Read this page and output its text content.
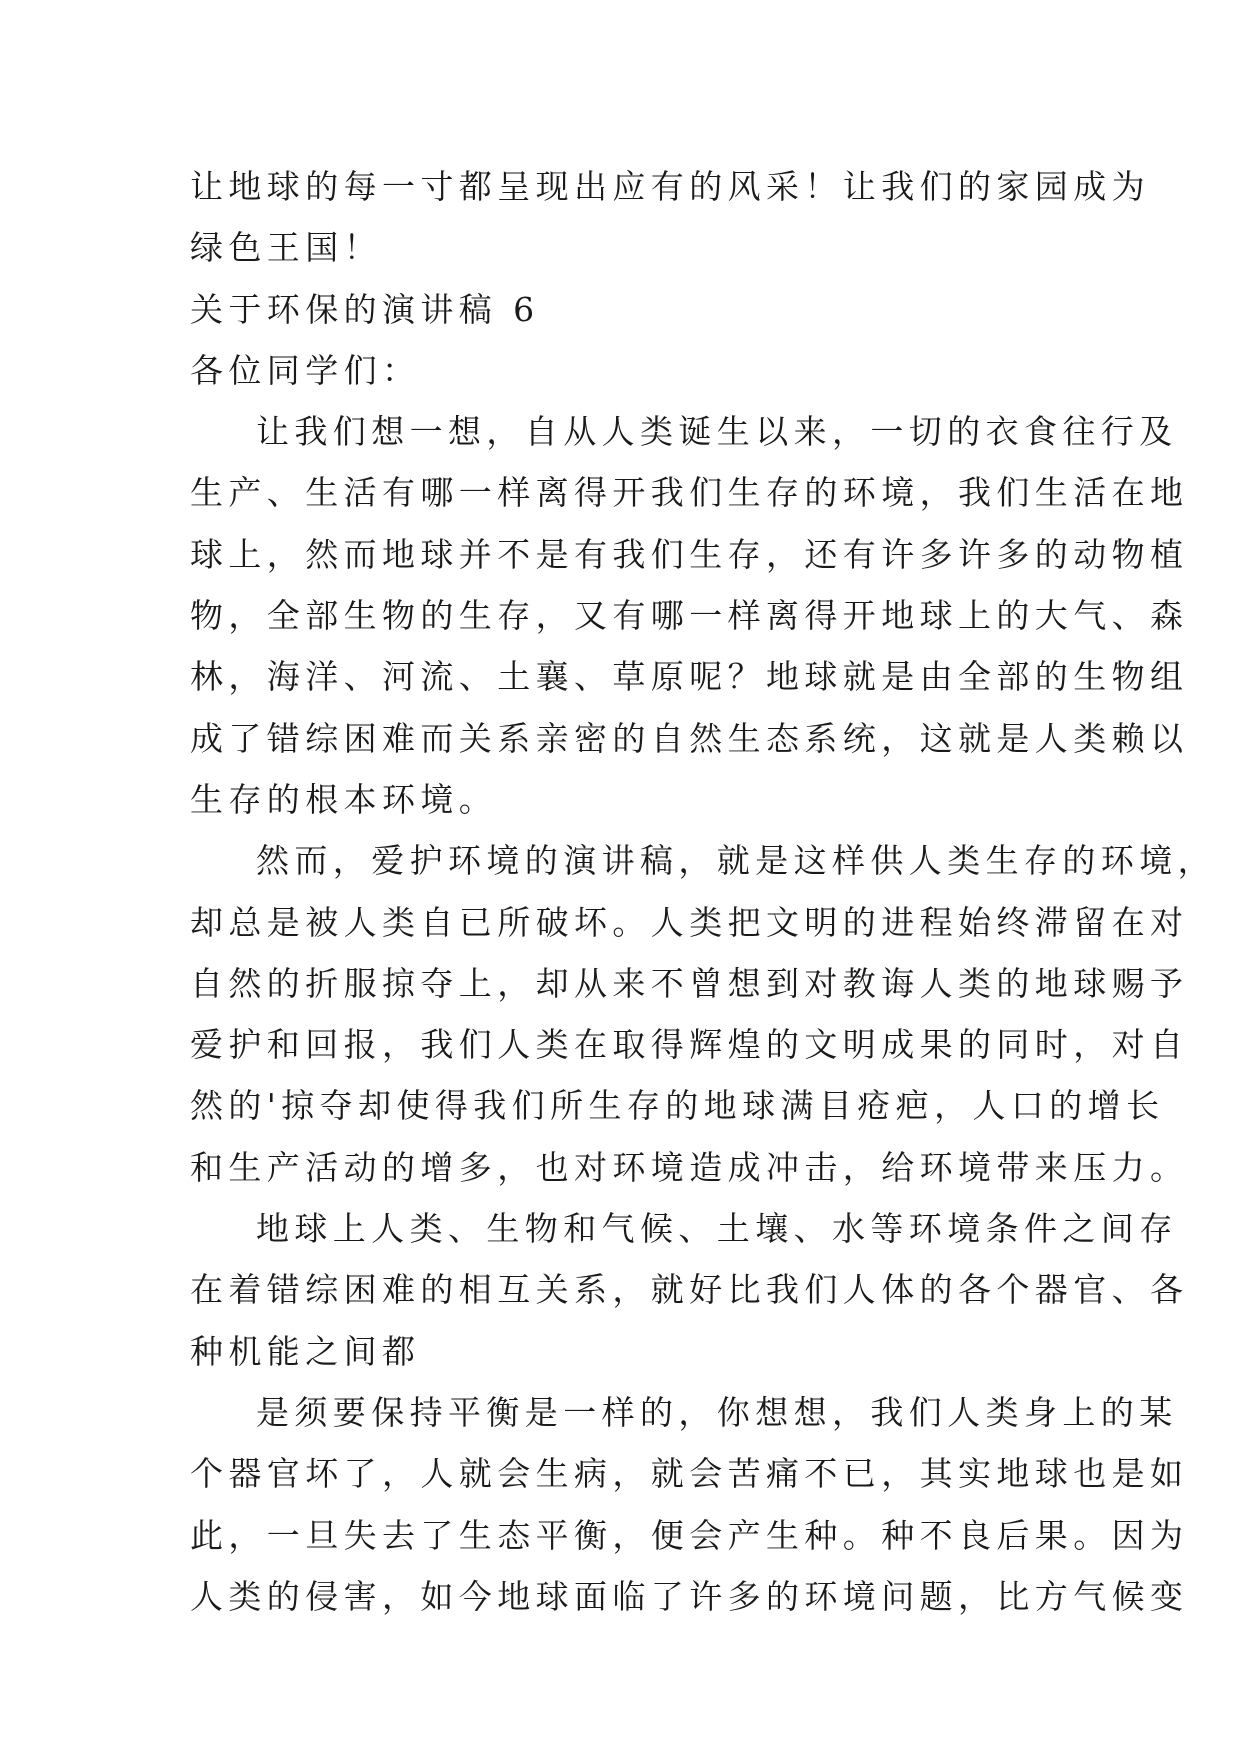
让地球的每一寸都呈现出应有的风采！让我们的家园成为
绿色王国！
关于环保的演讲稿 6
各位同学们：
让我们想一想，自从人类诞生以来，一切的衣食往行及
生产、生活有哪一样离得开我们生存的环境，我们生活在地
球上，然而地球并不是有我们生存，还有许多许多的动物植
物，全部生物的生存，又有哪一样离得开地球上的大气、森
林，海洋、河流、土襄、草原呢？地球就是由全部的生物组
成了错综困难而关系亲密的自然生态系统，这就是人类赖以
生存的根本环境。
然而，爱护环境的演讲稿，就是这样供人类生存的环境，
却总是被人类自已所破坏。人类把文明的进程始终滞留在对
自然的折服掠夺上，却从来不曾想到对教诲人类的地球赐予
爱护和回报，我们人类在取得辉煌的文明成果的同时，对自
然的'掠夺却使得我们所生存的地球满目疮疤，人口的增长
和生产活动的增多，也对环境造成冲击，给环境带来压力。
地球上人类、生物和气候、土壤、水等环境条件之间存
在着错综困难的相互关系，就好比我们人体的各个器官、各
种机能之间都
是须要保持平衡是一样的，你想想，我们人类身上的某
个器官坏了，人就会生病，就会苦痛不已，其实地球也是如
此，一旦失去了生态平衡，便会产生种。种不良后果。因为
人类的侵害，如今地球面临了许多的环境问题，比方气候变
